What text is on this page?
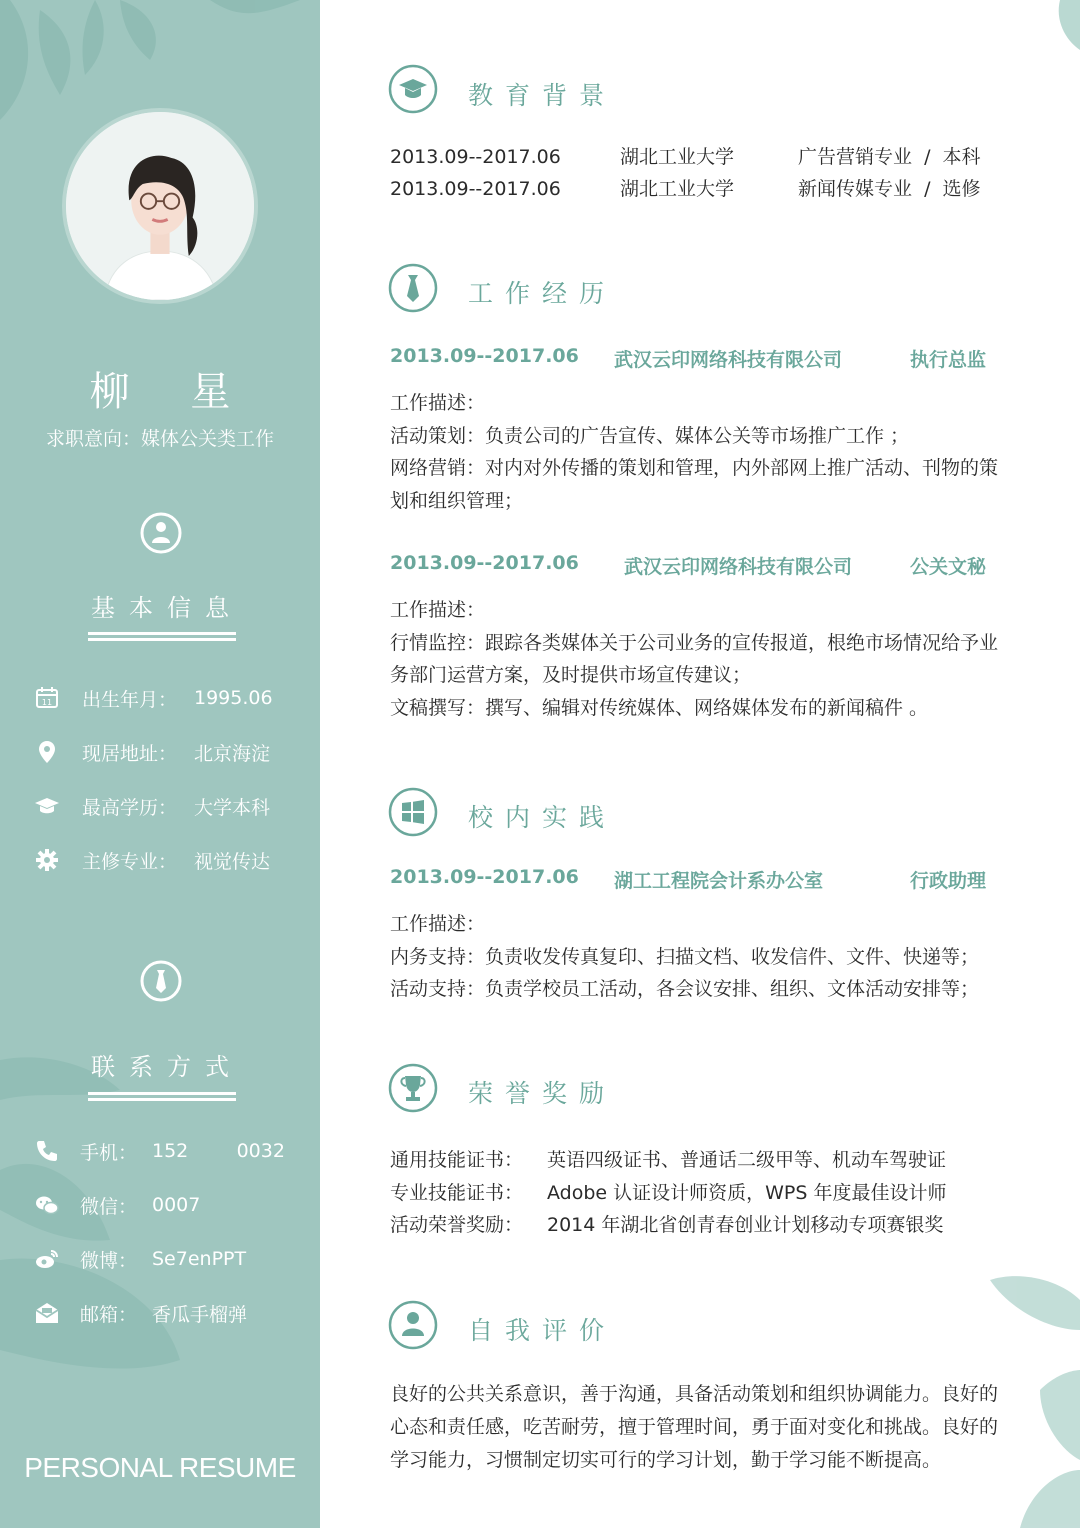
柳 星
求职意向：媒体公关类工作
基本信息
11 出生年月： 1995.06
现居地址： 北京海淀
最高学历： 大学本科
主修专业： 视觉传达
联系方式
手机： 152        0032
微信： 0007
微博： Se7enPPT
邮箱： 香瓜手榴弹
PERSONAL RESUME
教育背景
2013.09--2017.06	湖北工业大学	广告营销专业  /  本科
2013.09--2017.06	湖北工业大学	新闻传媒专业  /  选修
工作经历
2013.09--2017.06 武汉云印网络科技有限公司	执行总监
工作描述：
活动策划：负责公司的广告宣传、媒体公关等市场推广工作 ；
网络营销：对内对外传播的策划和管理，内外部网上推广活动、刊物的策
划和组织管理；
2013.09--2017.06 武汉云印网络科技有限公司	公关文秘
工作描述：
行情监控：跟踪各类媒体关于公司业务的宣传报道，根绝市场情况给予业
务部门运营方案，及时提供市场宣传建议；
文稿撰写：撰写、编辑对传统媒体、网络媒体发布的新闻稿件 。
校内实践
2013.09--2017.06 湖工工程院会计系办公室	行政助理
工作描述：
内务支持：负责收发传真复印、扫描文档、收发信件、文件、快递等；
活动支持：负责学校员工活动，各会议安排、组织、文体活动安排等；
荣誉奖励
通用技能证书： 英语四级证书、普通话二级甲等、机动车驾驶证
专业技能证书： Adobe 认证设计师资质，WPS 年度最佳设计师
活动荣誉奖励： 2014 年湖北省创青春创业计划移动专项赛银奖
自我评价
良好的公共关系意识，善于沟通，具备活动策划和组织协调能力。良好的
心态和责任感，吃苦耐劳，擅于管理时间，勇于面对变化和挑战。良好的
学习能力，习惯制定切实可行的学习计划，勤于学习能不断提高。
